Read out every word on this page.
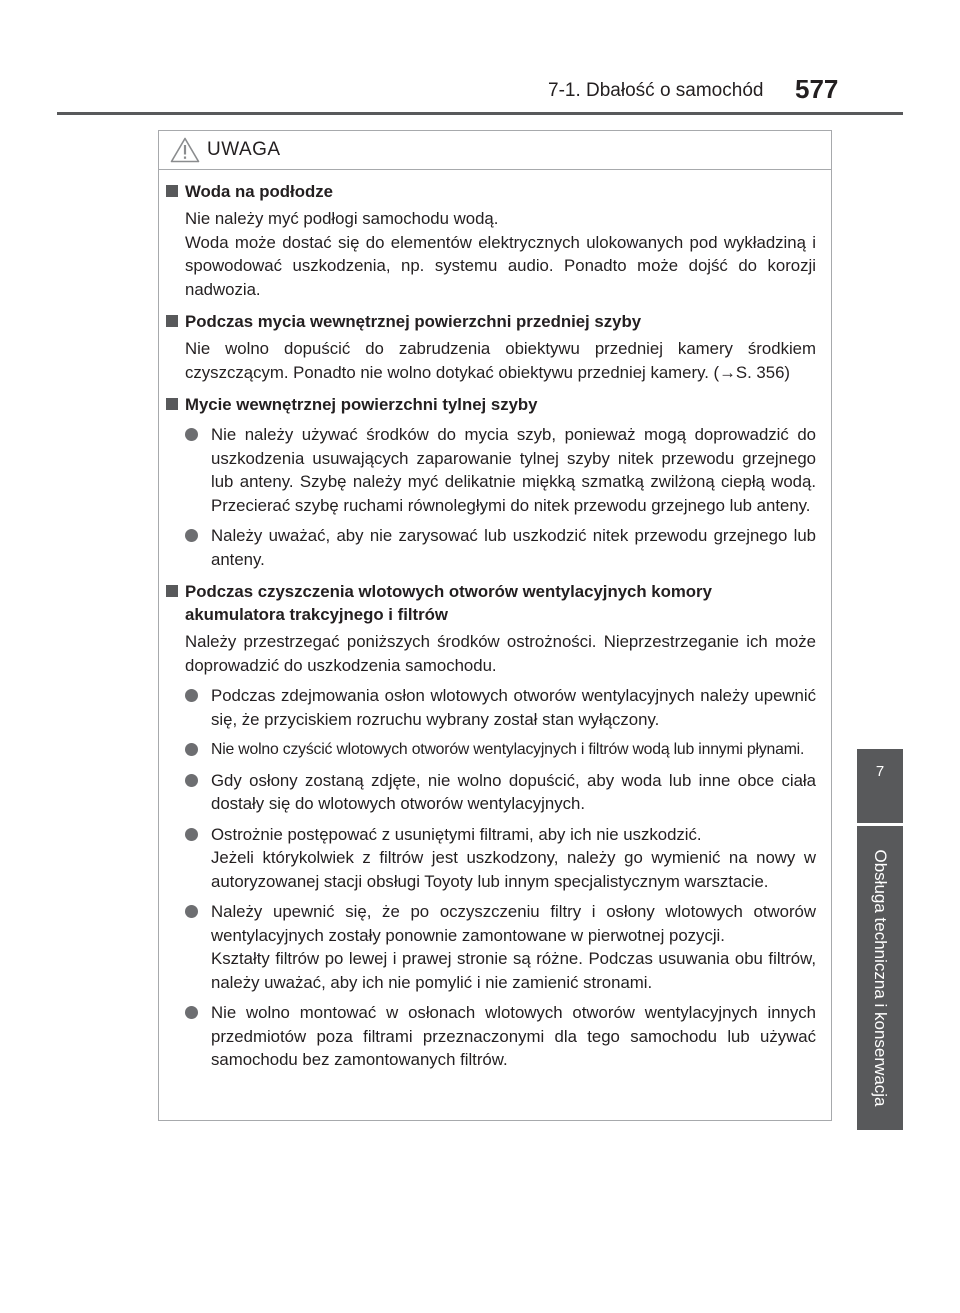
7-1. Dbałość o samochód 577
7
Obsługa techniczna i konserwacja
UWAGA
Woda na podłodze
Nie należy myć podłogi samochodu wodą.
Woda może dostać się do elementów elektrycznych ulokowanych pod wykładziną i spowodować uszkodzenia, np. systemu audio. Ponadto może dojść do korozji nadwozia.
Podczas mycia wewnętrznej powierzchni przedniej szyby
Nie wolno dopuścić do zabrudzenia obiektywu przedniej kamery środkiem czyszczącym. Ponadto nie wolno dotykać obiektywu przedniej kamery. (→S. 356)
Mycie wewnętrznej powierzchni tylnej szyby
Nie należy używać środków do mycia szyb, ponieważ mogą doprowadzić do uszkodzenia usuwających zaparowanie tylnej szyby nitek przewodu grzejnego lub anteny. Szybę należy myć delikatnie miękką szmatką zwilżoną ciepłą wodą. Przecierać szybę ruchami równoległymi do nitek przewodu grzejnego lub anteny.
Należy uważać, aby nie zarysować lub uszkodzić nitek przewodu grzejnego lub anteny.
Podczas czyszczenia wlotowych otworów wentylacyjnych komory akumulatora trakcyjnego i filtrów
Należy przestrzegać poniższych środków ostrożności. Nieprzestrzeganie ich może doprowadzić do uszkodzenia samochodu.
Podczas zdejmowania osłon wlotowych otworów wentylacyjnych należy upewnić się, że przyciskiem rozruchu wybrany został stan wyłączony.
Nie wolno czyścić wlotowych otworów wentylacyjnych i filtrów wodą lub innymi płynami.
Gdy osłony zostaną zdjęte, nie wolno dopuścić, aby woda lub inne obce ciała dostały się do wlotowych otworów wentylacyjnych.
Ostrożnie postępować z usuniętymi filtrami, aby ich nie uszkodzić.
Jeżeli którykolwiek z filtrów jest uszkodzony, należy go wymienić na nowy w autoryzowanej stacji obsługi Toyoty lub innym specjalistycznym warsztacie.
Należy upewnić się, że po oczyszczeniu filtry i osłony wlotowych otworów wentylacyjnych zostały ponownie zamontowane w pierwotnej pozycji.
Kształty filtrów po lewej i prawej stronie są różne. Podczas usuwania obu filtrów, należy uważać, aby ich nie pomylić i nie zamienić stronami.
Nie wolno montować w osłonach wlotowych otworów wentylacyjnych innych przedmiotów poza filtrami przeznaczonymi dla tego samochodu lub używać samochodu bez zamontowanych filtrów.
